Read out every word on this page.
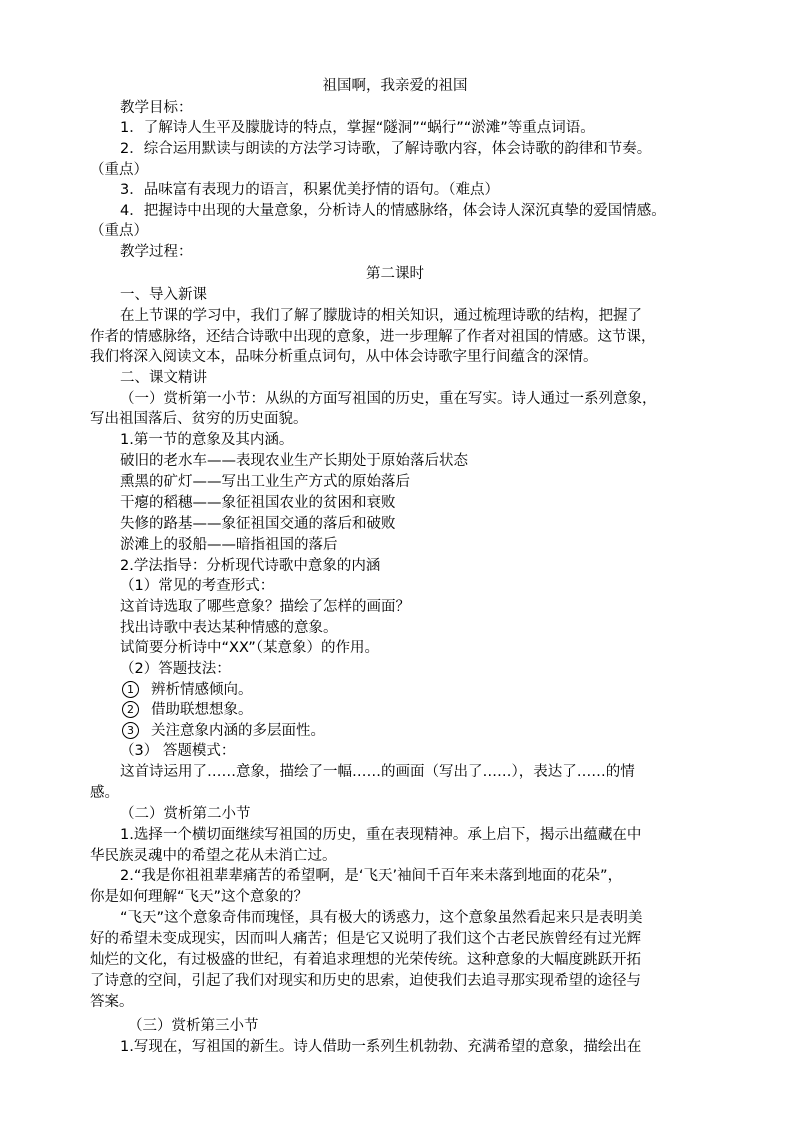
祖国啊，我亲爱的祖国
教学目标：
1．了解诗人生平及朦胧诗的特点，掌握“隧洞”“蜗行”“淤滩”等重点词语。
2．综合运用默读与朗读的方法学习诗歌，了解诗歌内容，体会诗歌的韵律和节奏。
（重点）
3．品味富有表现力的语言，积累优美抒情的语句。（难点）
4．把握诗中出现的大量意象，分析诗人的情感脉络，体会诗人深沉真挚的爱国情感。
（重点）
教学过程：
第二课时
一、导入新课
在上节课的学习中，我们了解了朦胧诗的相关知识，通过梳理诗歌的结构，把握了
作者的情感脉络，还结合诗歌中出现的意象，进一步理解了作者对祖国的情感。这节课，
我们将深入阅读文本，品味分析重点词句，从中体会诗歌字里行间蕴含的深情。
二、课文精讲
（一）赏析第一小节：从纵的方面写祖国的历史，重在写实。诗人通过一系列意象，
写出祖国落后、贫穷的历史面貌。
1.第一节的意象及其内涵。
破旧的老水车——表现农业生产长期处于原始落后状态
熏黑的矿灯——写出工业生产方式的原始落后
干瘪的稻穗——象征祖国农业的贫困和衰败
失修的路基——象征祖国交通的落后和破败
淤滩上的驳船——暗指祖国的落后
2.学法指导：分析现代诗歌中意象的内涵
（1）常见的考查形式：
这首诗选取了哪些意象？描绘了怎样的画面？
找出诗歌中表达某种情感的意象。
试简要分析诗中“XX”（某意象）的作用。
（2）答题技法：
1 辨析情感倾向。
2 借助联想想象。
3 关注意象内涵的多层面性。
（3） 答题模式：
这首诗运用了……意象，描绘了一幅……的画面（写出了……），表达了……的情
感。
（二）赏析第二小节
1.选择一个横切面继续写祖国的历史，重在表现精神。承上启下，揭示出蕴藏在中
华民族灵魂中的希望之花从未消亡过。
2.“我是你祖祖辈辈痛苦的希望啊，是‘飞天’袖间千百年来未落到地面的花朵”，
你是如何理解“飞天”这个意象的？
“飞天”这个意象奇伟而瑰怪，具有极大的诱惑力，这个意象虽然看起来只是表明美
好的希望未变成现实，因而叫人痛苦；但是它又说明了我们这个古老民族曾经有过光辉
灿烂的文化，有过极盛的世纪，有着追求理想的光荣传统。这种意象的大幅度跳跃开拓
了诗意的空间，引起了我们对现实和历史的思索，迫使我们去追寻那实现希望的途径与
答案。
（三）赏析第三小节
1.写现在，写祖国的新生。诗人借助一系列生机勃勃、充满希望的意象，描绘出在
